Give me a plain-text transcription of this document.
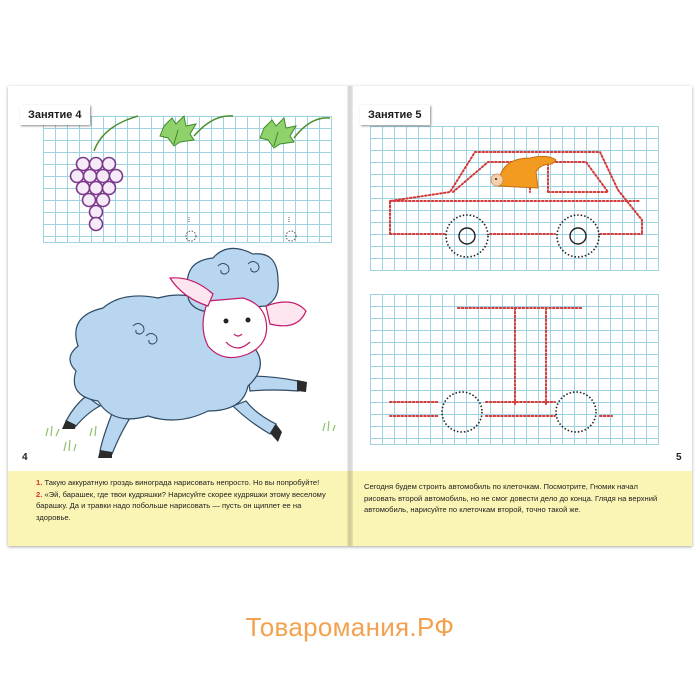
Занятие 4
4

1. Такую аккуратную гроздь винограда нарисовать непросто. Но вы попробуйте!

2. «Эй, барашек, где твои кудряшки? Нарисуйте скорее кудряшки этому веселому барашку. Да и травки надо побольше нарисовать — пусть он щиплет ее на здоровье.

Занятие 5
5

Сегодня будем строить автомобиль по клеточкам. Посмотрите, Гномик начал рисовать второй автомобиль, но не смог довести дело до конца. Глядя на верхний автомобиль, нарисуйте по клеточкам второй, точно такой же.

Товаромания.РФ
